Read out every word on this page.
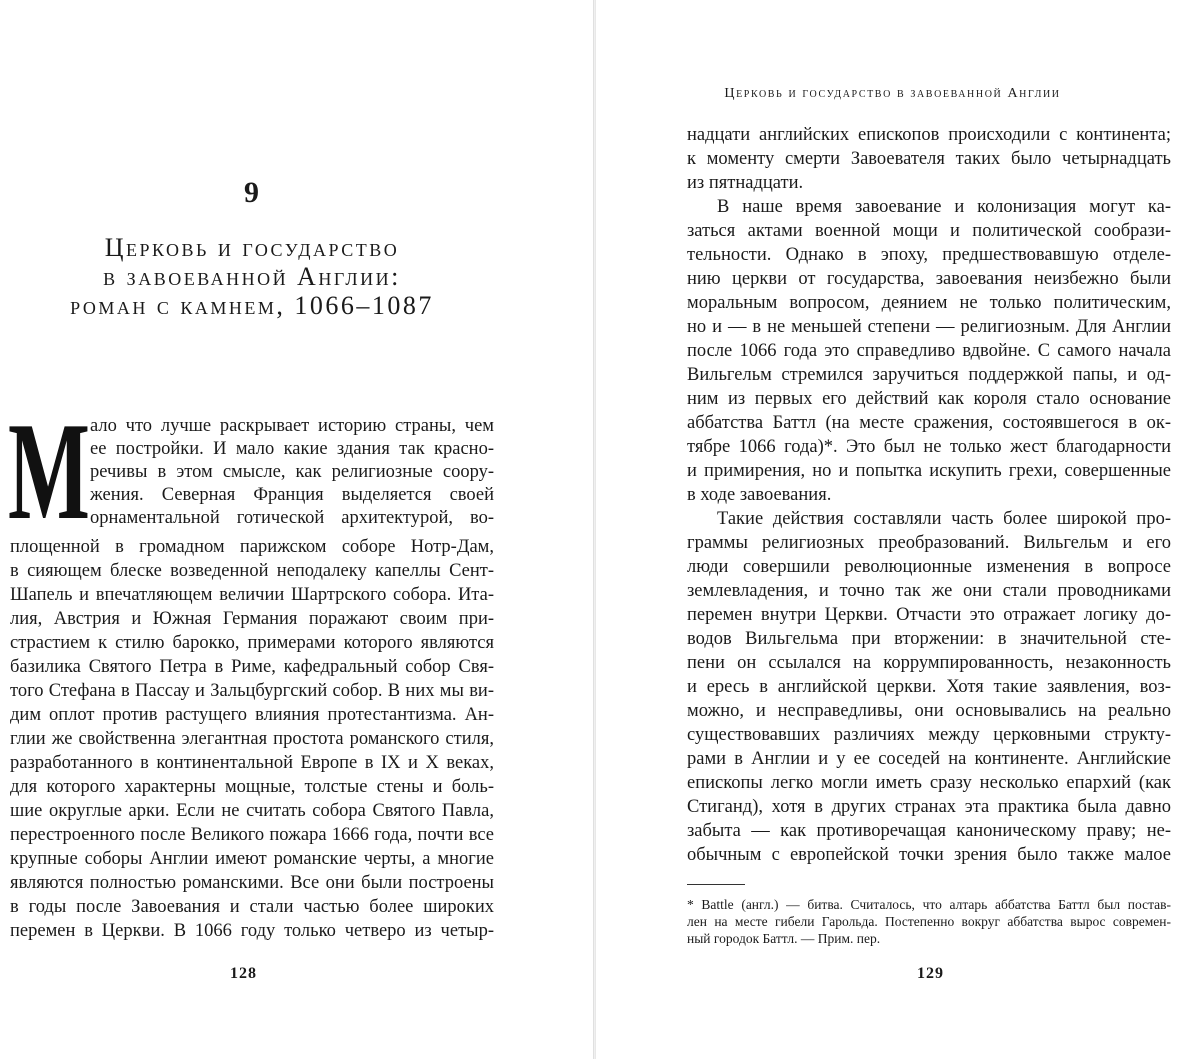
9
Церковь и государство
в завоеванной Англии:
роман с камнем, 1066–1087
М ало что лучше раскрывает историю страны, чем
ее постройки. И мало какие здания так красно-
речивы в этом смысле, как религиозные соору-
жения. Северная Франция выделяется своей
орнаментальной готической архитектурой, во-
площенной в громадном парижском соборе Нотр-Дам,
в сияющем блеске возведенной неподалеку капеллы Сент-
Шапель и впечатляющем величии Шартрского собора. Ита-
лия, Австрия и Южная Германия поражают своим при-
страстием к стилю барокко, примерами которого являются
базилика Святого Петра в Риме, кафедральный собор Свя-
того Стефана в Пассау и Зальцбургский собор. В них мы ви-
дим оплот против растущего влияния протестантизма. Ан-
глии же свойственна элегантная простота романского стиля,
разработанного в континентальной Европе в IX и X веках,
для которого характерны мощные, толстые стены и боль-
шие округлые арки. Если не считать собора Святого Павла,
перестроенного после Великого пожара 1666 года, почти все
крупные соборы Англии имеют романские черты, а многие
являются полностью романскими. Все они были построены
в годы после Завоевания и стали частью более широких
перемен в Церкви. В 1066 году только четверо из четыр-
128
Церковь и государство в завоеванной Англии
надцати английских епископов происходили с континента;
к моменту смерти Завоевателя таких было четырнадцать
из пятнадцати.
В наше время завоевание и колонизация могут ка-
заться актами военной мощи и политической сообрази-
тельности. Однако в эпоху, предшествовавшую отделе-
нию церкви от государства, завоевания неизбежно были
моральным вопросом, деянием не только политическим,
но и — в не меньшей степени — религиозным. Для Англии
после 1066 года это справедливо вдвойне. С самого начала
Вильгельм стремился заручиться поддержкой папы, и од-
ним из первых его действий как короля стало основание
аббатства Баттл (на месте сражения, состоявшегося в ок-
тябре 1066 года)*. Это был не только жест благодарности
и примирения, но и попытка искупить грехи, совершенные
в ходе завоевания.
Такие действия составляли часть более широкой про-
граммы религиозных преобразований. Вильгельм и его
люди совершили революционные изменения в вопросе
землевладения, и точно так же они стали проводниками
перемен внутри Церкви. Отчасти это отражает логику до-
водов Вильгельма при вторжении: в значительной сте-
пени он ссылался на коррумпированность, незаконность
и ересь в английской церкви. Хотя такие заявления, воз-
можно, и несправедливы, они основывались на реально
существовавших различиях между церковными структу-
рами в Англии и у ее соседей на континенте. Английские
епископы легко могли иметь сразу несколько епархий (как
Стиганд), хотя в других странах эта практика была давно
забыта — как противоречащая каноническому праву; не-
обычным с европейской точки зрения было также малое
* Battle (англ.) — битва. Считалось, что алтарь аббатства Баттл был постав-
лен на месте гибели Гарольда. Постепенно вокруг аббатства вырос современ-
ный городок Баттл. — Прим. пер.
129
